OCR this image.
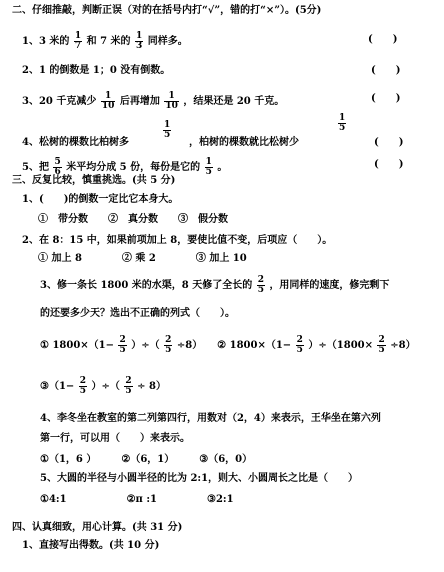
二、仔细推敲，判断正误（对的在括号内打“√”，错的打“×”）。(5分)
1、3 米的 $\frac{1}{7}$ 和 7 米的 $\frac{1}{3}$ 同样多。	(　　)
2、1 的倒数是 1；0 没有倒数。	(　　)
3、20 千克减少 $\frac{1}{10}$ 后再增加 $\frac{1}{10}$ ，结果还是 20 千克。	(　　)
$\frac{1}{5}$	$\frac{1}{5}$
4、松树的棵数比柏树多	，柏树的棵数就比松树少	(　　)
5、把 $\frac{5}{6}$ 米平均分成 5 份，每份是它的 $\frac{1}{5}$ 。	(　　)
三、反复比较，慎重挑选。(共 5 分)
1、(　　)的倒数一定比它本身大。
①　带分数　　②　真分数　　③　假分数
2、在 8：15 中，如果前项加上 8，要使比值不变，后项应（　　）。
① 加上 8　　　　② 乘 2　　　　③ 加上 10
3、修一条长 1800 米的水渠，8 天修了全长的 $\frac{2}{5}$ ，用同样的速度，修完剩下
的还要多少天？选出不正确的列式（　　）。
① $1800\times(1- \frac{2}{5}$ ）÷（ $\frac{2}{5} \div 8$） ② $1800\times(1- \frac{2}{5} )\div(1800\times \frac{2}{5} \div 8)$
③（1− $\frac{2}{5}$ ）÷（ $\frac{2}{5} \div 8$）
4、李冬坐在教室的第二列第四行，用数对（2，4）来表示，王华坐在第六列
第一行，可以用（　　）来表示。
①（1，6 ）　　　②（6，1）　　　③（6，0）
5、大圆的半径与小圆半径的比为 2:1，则大、小圆周长之比是（　　）
①4:1　　　　　　②π :1　　　　　③2:1
四、认真细致，用心计算。(共 31 分)
1、直接写出得数。(共 10 分)
